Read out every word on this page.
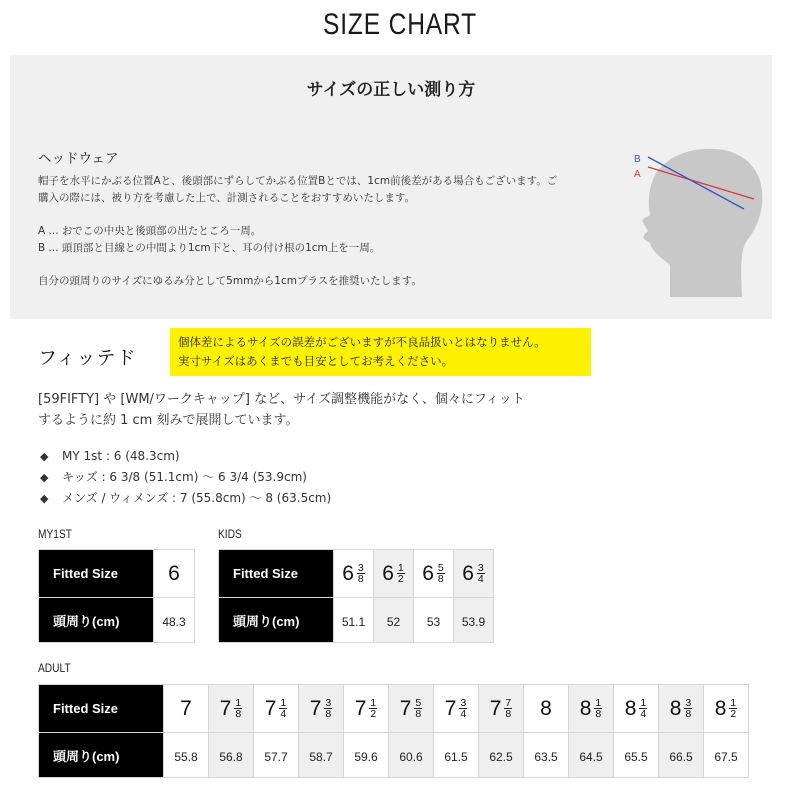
SIZE CHART
サイズの正しい測り方
ヘッドウェア
帽子を水平にかぶる位置Aと、後頭部にずらしてかぶる位置Bとでは、1cm前後差がある場合もございます。ご
購入の際には、被り方を考慮した上で、計測されることをおすすめいたします。
A ... おでこの中央と後頭部の出たところ一周。
B ... 頭頂部と目線との中間より1cm下と、耳の付け根の1cm上を一周。
自分の頭周りのサイズにゆるみ分として5mmから1cmプラスを推奨いたします。
B
A
フィッテド
個体差によるサイズの誤差がございますが不良品扱いとはなりません。
実寸サイズはあくまでも目安としてお考えください。
[59FIFTY] や [WM/ワークキャップ] など、サイズ調整機能がなく、個々にフィット
するように約 1 cm 刻みで展開しています。
◆	MY 1st : 6 (48.3cm)
◆	キッズ : 6 3/8 (51.1cm) ～ 6 3/4 (53.9cm)
◆	メンズ / ウィメンズ : 7 (55.8cm) ～ 8 (63.5cm)
MY1ST	KIDS
ADULT
Fitted Size	6

頭周り(cm)	48.3
Fitted Size	$6 \frac{3}{8}$	$6 \frac{1}{2}$	$6 \frac{5}{8}$	$6 \frac{3}{4}$

頭周り(cm)	51.1	52	53	53.9
Fitted Size	7	$7 \frac{1}{8}$	$7 \frac{1}{4}$	$7 \frac{3}{8}$	$7 \frac{1}{2}$	$7 \frac{5}{8}$	$7 \frac{3}{4}$	$7 \frac{7}{8}$	8	$8 \frac{1}{8}$	$8 \frac{1}{4}$	$8 \frac{3}{8}$	$8 \frac{1}{2}$

頭周り(cm)	55.8	56.8	57.7	58.7	59.6	60.6	61.5	62.5	63.5	64.5	65.5	66.5	67.5
